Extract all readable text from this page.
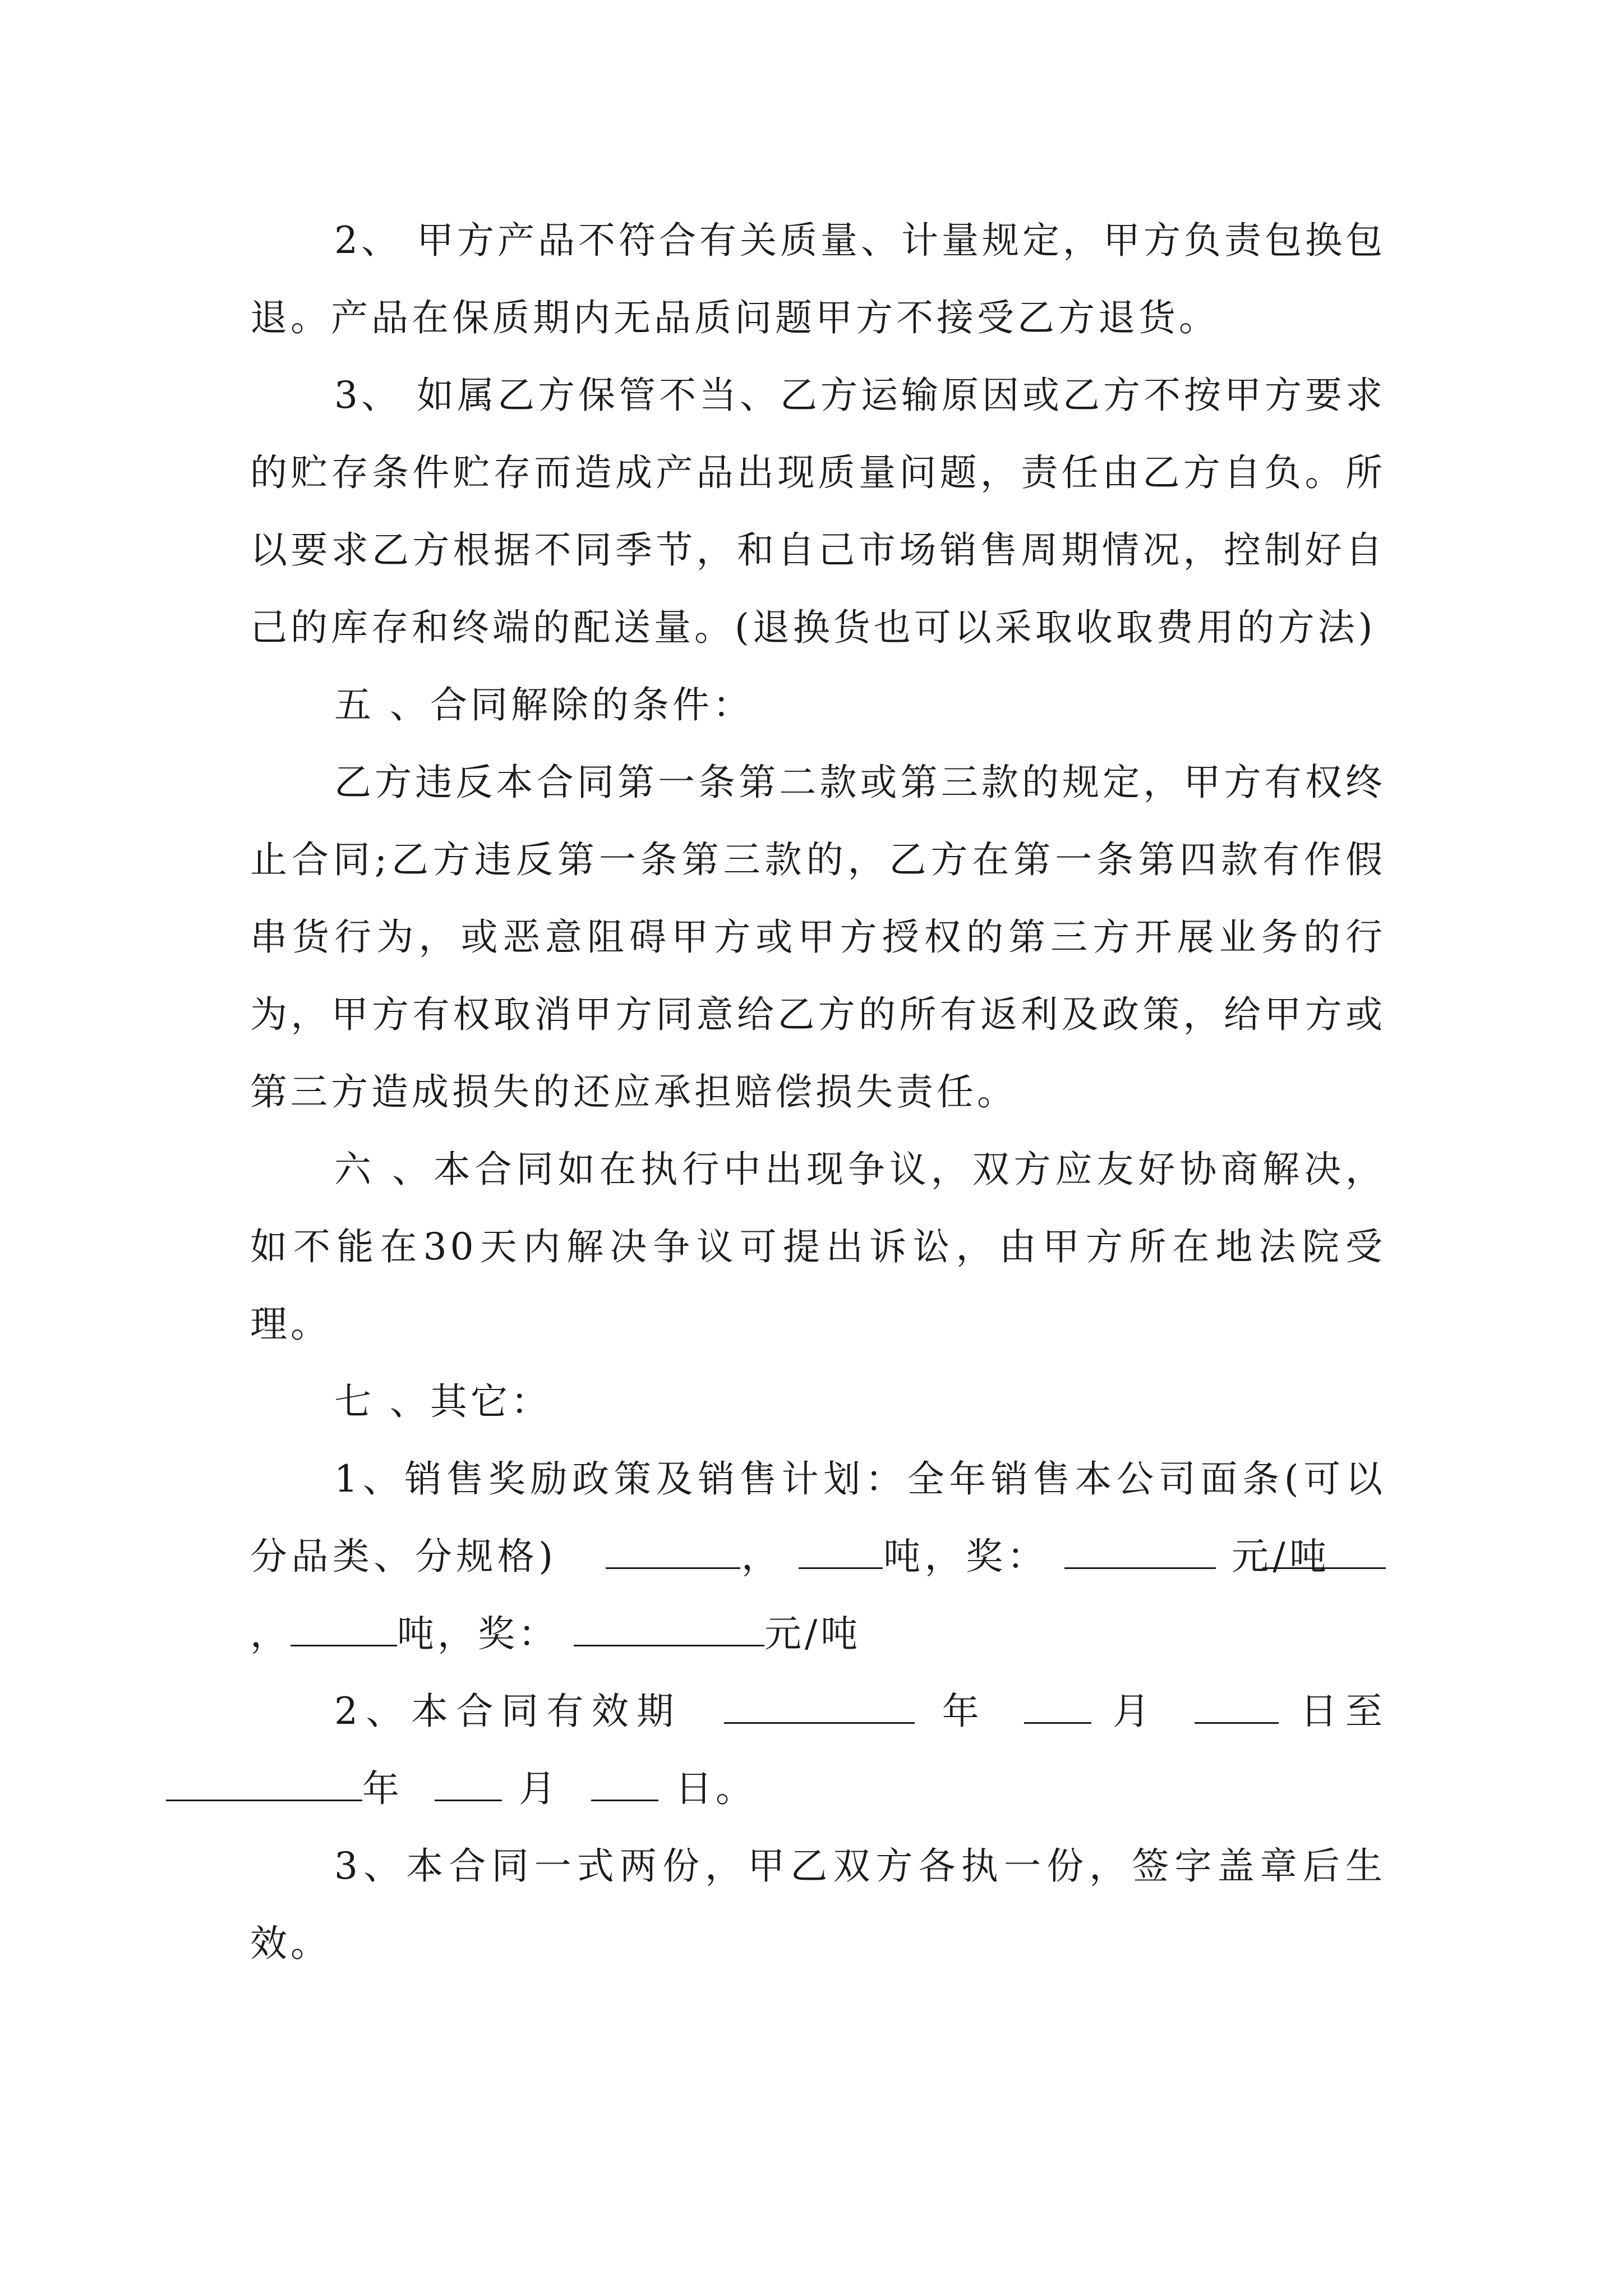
2、 甲方产品不符合有关质量、计量规定，甲方负责包换包退。产品在保质期内无品质问题甲方不接受乙方退货。

3、 如属乙方保管不当、乙方运输原因或乙方不按甲方要求的贮存条件贮存而造成产品出现质量问题，责任由乙方自负。所以要求乙方根据不同季节，和自己市场销售周期情况，控制好自己的库存和终端的配送量。(退换货也可以采取收取费用的方法)

五 、合同解除的条件：

乙方违反本合同第一条第二款或第三款的规定，甲方有权终止合同;乙方违反第一条第三款的，乙方在第一条第四款有作假串货行为，或恶意阻碍甲方或甲方授权的第三方开展业务的行为，甲方有权取消甲方同意给乙方的所有返利及政策，给甲方或第三方造成损失的还应承担赔偿损失责任。

六 、本合同如在执行中出现争议，双方应友好协商解决，如不能在30天内解决争议可提出诉讼，由甲方所在地法院受理。

七 、其它：

1、销售奖励政策及销售计划：全年销售本公司面条(可以分品类、分规格)	，	吨，奖：	元/吨 ，	吨，奖：	元/吨

2、本合同有效期	年	月	日至 年	月	日。

3、本合同一式两份，甲乙双方各执一份，签字盖章后生效。
